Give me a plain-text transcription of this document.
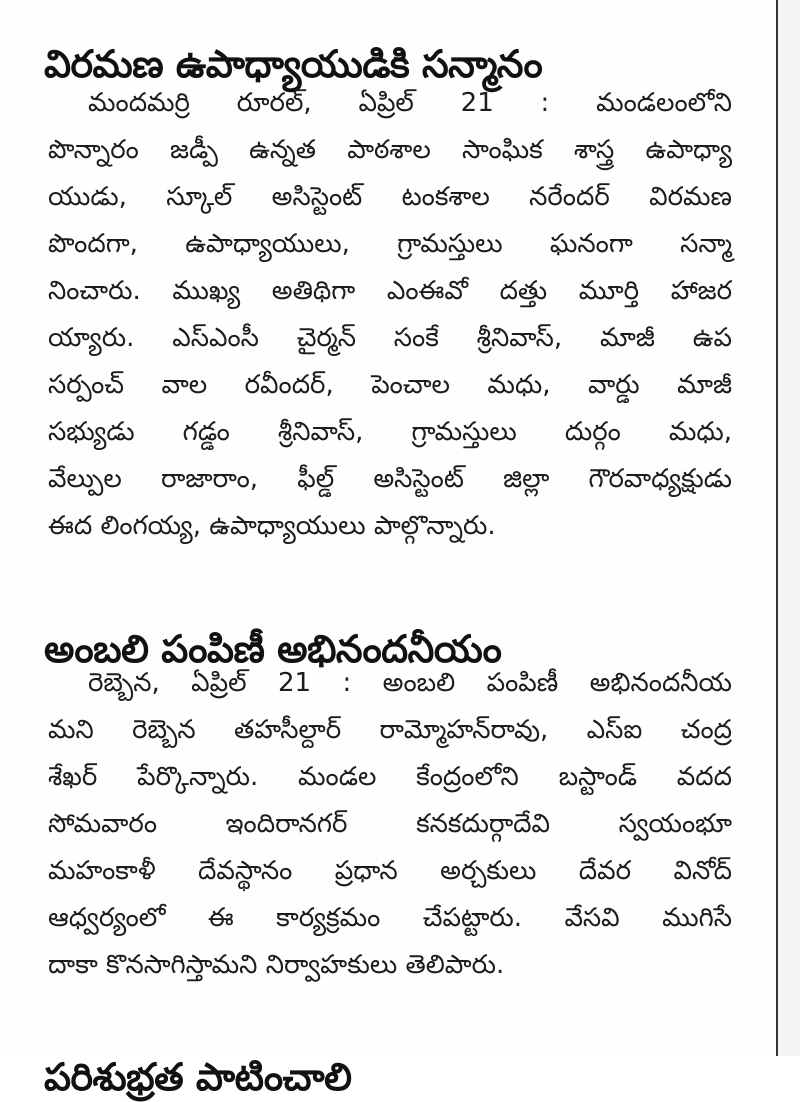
విరమణ ఉపాధ్యాయుడికి సన్మానం
మందమర్రి రూరల్, ఏప్రిల్ 21 : మండలంలోని
పొన్నారం జడ్పీ ఉన్నత పాఠశాల సాంఘిక శాస్త్ర ఉపాధ్యా
యుడు, స్కూల్ అసిస్టెంట్ టంకశాల నరేందర్ విరమణ
పొందగా, ఉపాధ్యాయులు, గ్రామస్తులు ఘనంగా సన్మా
నించారు. ముఖ్య అతిథిగా ఎంఈవో దత్తు మూర్తి హాజర
య్యారు. ఎస్ఎంసీ చైర్మన్ సంకే శ్రీనివాస్, మాజీ ఉప
సర్పంచ్ వాల రవీందర్, పెంచాల మధు, వార్డు మాజీ
సభ్యుడు గడ్డం శ్రీనివాస్, గ్రామస్తులు దుర్గం మధు,
వేల్పుల రాజారాం, ఫీల్డ్ అసిస్టెంట్ జిల్లా గౌరవాధ్యక్షుడు
ఈద లింగయ్య, ఉపాధ్యాయులు పాల్గొన్నారు.
అంబలి పంపిణీ అభినందనీయం
రెబ్బెన, ఏప్రిల్ 21 : అంబలి పంపిణీ అభినందనీయ
మని రెబ్బెన తహసీల్దార్ రామ్మోహన్‌రావు, ఎస్ఐ చంద్ర
శేఖర్ పేర్కొన్నారు. మండల కేంద్రంలోని బస్టాండ్ వదద
సోమవారం ఇందిరానగర్ కనకదుర్గాదేవి స్వయంభూ
మహంకాళీ దేవస్థానం ప్రధాన అర్చకులు దేవర వినోద్
ఆధ్వర్యంలో ఈ కార్యక్రమం చేపట్టారు. వేసవి ముగిసే
దాకా కొనసాగిస్తామని నిర్వాహకులు తెలిపారు.
పరిశుభ్రత పాటించాలి
